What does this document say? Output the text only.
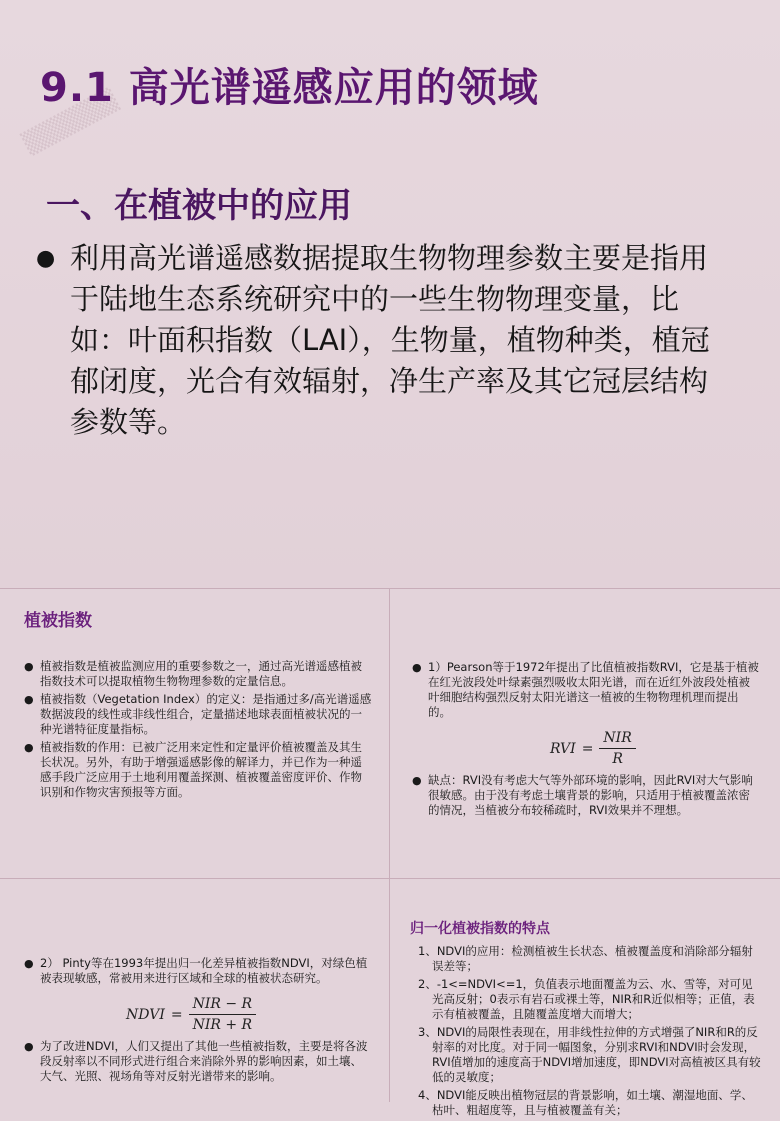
▒▒▒▒▒▒
9.1 高光谱遥感应用的领域
一、在植被中的应用
● 利用高光谱遥感数据提取生物物理参数主要是指用于陆地生态系统研究中的一些生物物理变量，比如：叶面积指数（LAI），生物量，植物种类，植冠郁闭度，光合有效辐射，净生产率及其它冠层结构参数等。
植被指数
● 植被指数是植被监测应用的重要参数之一，通过高光谱遥感植被指数技术可以提取植物生物物理参数的定量信息。
● 植被指数（Vegetation Index）的定义：是指通过多/高光谱遥感数据波段的线性或非线性组合，定量描述地球表面植被状况的一种光谱特征度量指标。
● 植被指数的作用：已被广泛用来定性和定量评价植被覆盖及其生长状况。另外，有助于增强遥感影像的解译力，并已作为一种遥感手段广泛应用于土地利用覆盖探测、植被覆盖密度评价、作物识别和作物灾害预报等方面。
● 1）Pearson等于1972年提出了比值植被指数RVI，它是基于植被在红光波段处叶绿素强烈吸收太阳光谱，而在近红外波段处植被叶细胞结构强烈反射太阳光谱这一植被的生物物理机理而提出的。
RVI = $\frac{\text{NIR}}{R}$
● 缺点：RVI没有考虑大气等外部环境的影响，因此RVI对大气影响很敏感。由于没有考虑土壤背景的影响，只适用于植被覆盖浓密的情况，当植被分布较稀疏时，RVI效果并不理想。
● 2） Pinty等在1993年提出归一化差异植被指数NDVI，对绿色植被表现敏感，常被用来进行区域和全球的植被状态研究。
NDVI = $\frac{\text{NIR − R}}{\text{NIR + R}}$
● 为了改进NDVI，人们又提出了其他一些植被指数，主要是将各波段反射率以不同形式进行组合来消除外界的影响因素，如土壤、大气、光照、视场角等对反射光谱带来的影响。
归一化植被指数的特点
1、NDVI的应用：检测植被生长状态、植被覆盖度和消除部分辐射误差等；
2、-1<=NDVI<=1，负值表示地面覆盖为云、水、雪等，对可见光高反射；0表示有岩石或裸土等，NIR和R近似相等；正值，表示有植被覆盖，且随覆盖度增大而增大；
3、NDVI的局限性表现在，用非线性拉伸的方式增强了NIR和R的反射率的对比度。对于同一幅图象，分别求RVI和NDVI时会发现，RVI值增加的速度高于NDVI增加速度，即NDVI对高植被区具有较低的灵敏度；
4、NDVI能反映出植物冠层的背景影响，如土壤、潮湿地面、学、枯叶、粗超度等，且与植被覆盖有关；
